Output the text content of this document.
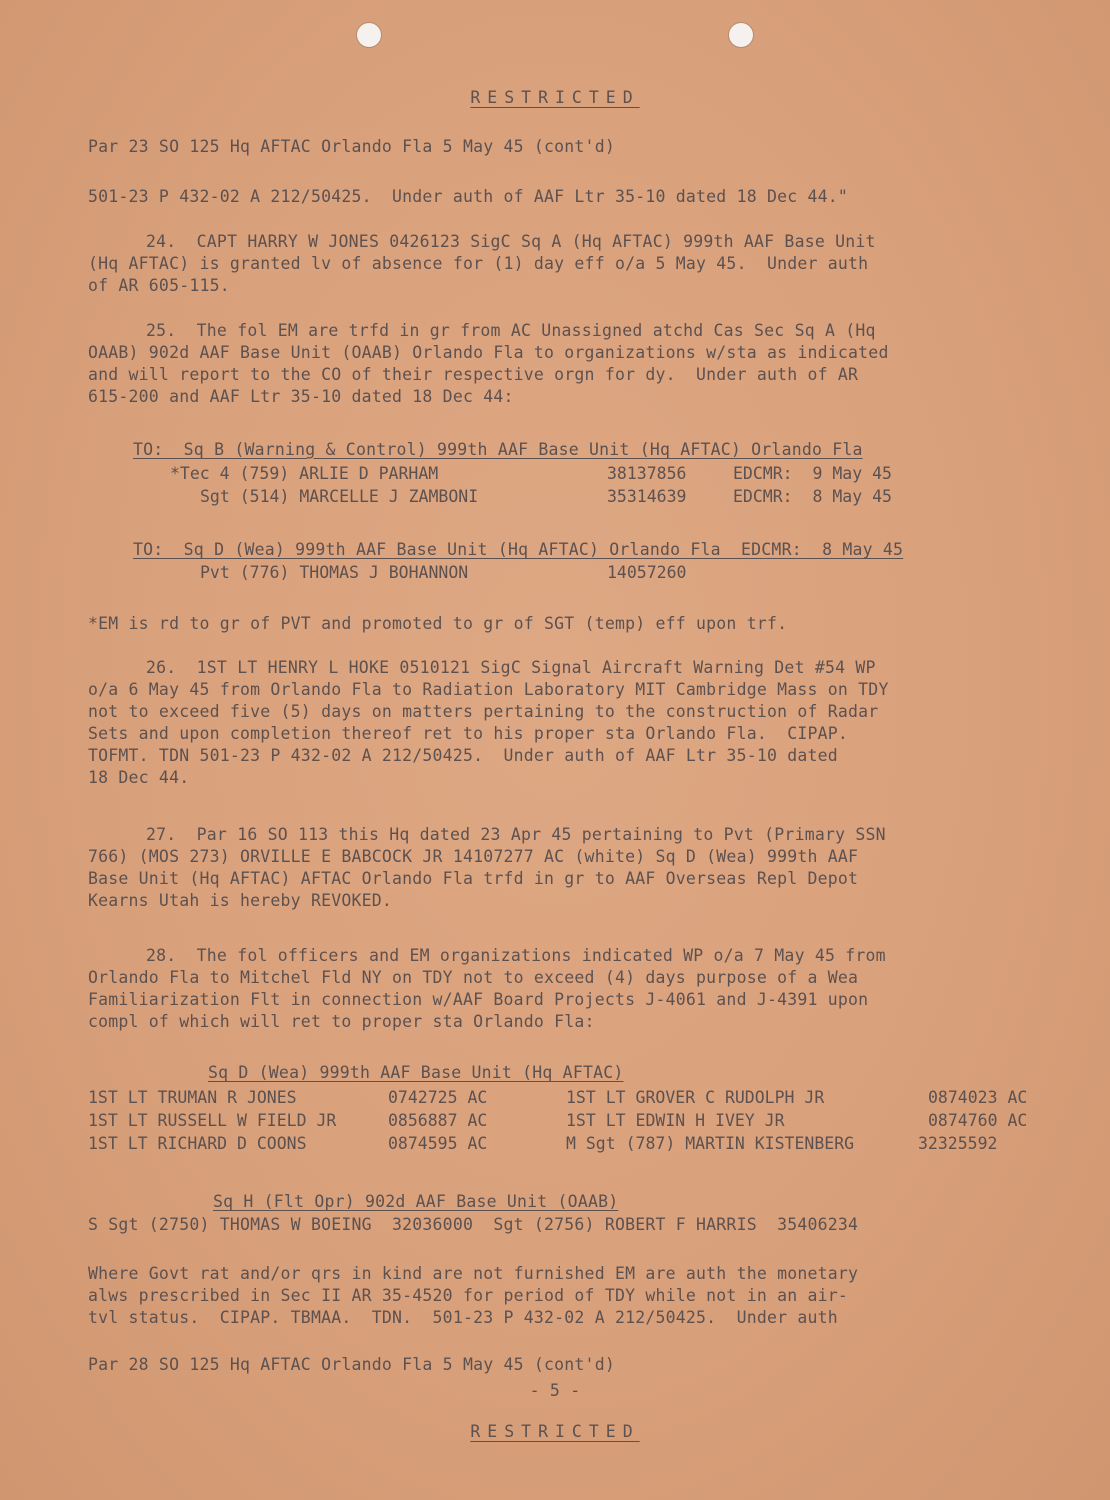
RESTRICTED
Par 23 SO 125 Hq AFTAC Orlando Fla 5 May 45 (cont'd)
501-23 P 432-02 A 212/50425.  Under auth of AAF Ltr 35-10 dated 18 Dec 44."
24.  CAPT HARRY W JONES 0426123 SigC Sq A (Hq AFTAC) 999th AAF Base Unit
(Hq AFTAC) is granted lv of absence for (1) day eff o/a 5 May 45.  Under auth
of AR 605-115.
25.  The fol EM are trfd in gr from AC Unassigned atchd Cas Sec Sq A (Hq
OAAB) 902d AAF Base Unit (OAAB) Orlando Fla to organizations w/sta as indicated
and will report to the CO of their respective orgn for dy.  Under auth of AR
615-200 and AAF Ltr 35-10 dated 18 Dec 44:
TO:  Sq B (Warning & Control) 999th AAF Base Unit (Hq AFTAC) Orlando Fla
*Tec 4 (759) ARLIE D PARHAM	38137856	EDCMR:  9 May 45
Sgt (514) MARCELLE J ZAMBONI	35314639	EDCMR:  8 May 45
TO:  Sq D (Wea) 999th AAF Base Unit (Hq AFTAC) Orlando Fla  EDCMR:  8 May 45
Pvt (776) THOMAS J BOHANNON	14057260
*EM is rd to gr of PVT and promoted to gr of SGT (temp) eff upon trf.
26.  1ST LT HENRY L HOKE 0510121 SigC Signal Aircraft Warning Det #54 WP
o/a 6 May 45 from Orlando Fla to Radiation Laboratory MIT Cambridge Mass on TDY
not to exceed five (5) days on matters pertaining to the construction of Radar
Sets and upon completion thereof ret to his proper sta Orlando Fla.  CIPAP.
TOFMT. TDN 501-23 P 432-02 A 212/50425.  Under auth of AAF Ltr 35-10 dated
18 Dec 44.
27.  Par 16 SO 113 this Hq dated 23 Apr 45 pertaining to Pvt (Primary SSN
766) (MOS 273) ORVILLE E BABCOCK JR 14107277 AC (white) Sq D (Wea) 999th AAF
Base Unit (Hq AFTAC) AFTAC Orlando Fla trfd in gr to AAF Overseas Repl Depot
Kearns Utah is hereby REVOKED.
28.  The fol officers and EM organizations indicated WP o/a 7 May 45 from
Orlando Fla to Mitchel Fld NY on TDY not to exceed (4) days purpose of a Wea
Familiarization Flt in connection w/AAF Board Projects J-4061 and J-4391 upon
compl of which will ret to proper sta Orlando Fla:
Sq D (Wea) 999th AAF Base Unit (Hq AFTAC)
1ST LT TRUMAN R JONES	0742725 AC	1ST LT GROVER C RUDOLPH JR	0874023 AC
1ST LT RUSSELL W FIELD JR	0856887 AC	1ST LT EDWIN H IVEY JR	0874760 AC
1ST LT RICHARD D COONS	0874595 AC	M Sgt (787) MARTIN KISTENBERG	32325592
Sq H (Flt Opr) 902d AAF Base Unit (OAAB)
S Sgt (2750) THOMAS W BOEING  32036000  Sgt (2756) ROBERT F HARRIS  35406234
Where Govt rat and/or qrs in kind are not furnished EM are auth the monetary
alws prescribed in Sec II AR 35-4520 for period of TDY while not in an air-
tvl status.  CIPAP. TBMAA.  TDN.  501-23 P 432-02 A 212/50425.  Under auth
Par 28 SO 125 Hq AFTAC Orlando Fla 5 May 45 (cont'd)
- 5 -
RESTRICTED
